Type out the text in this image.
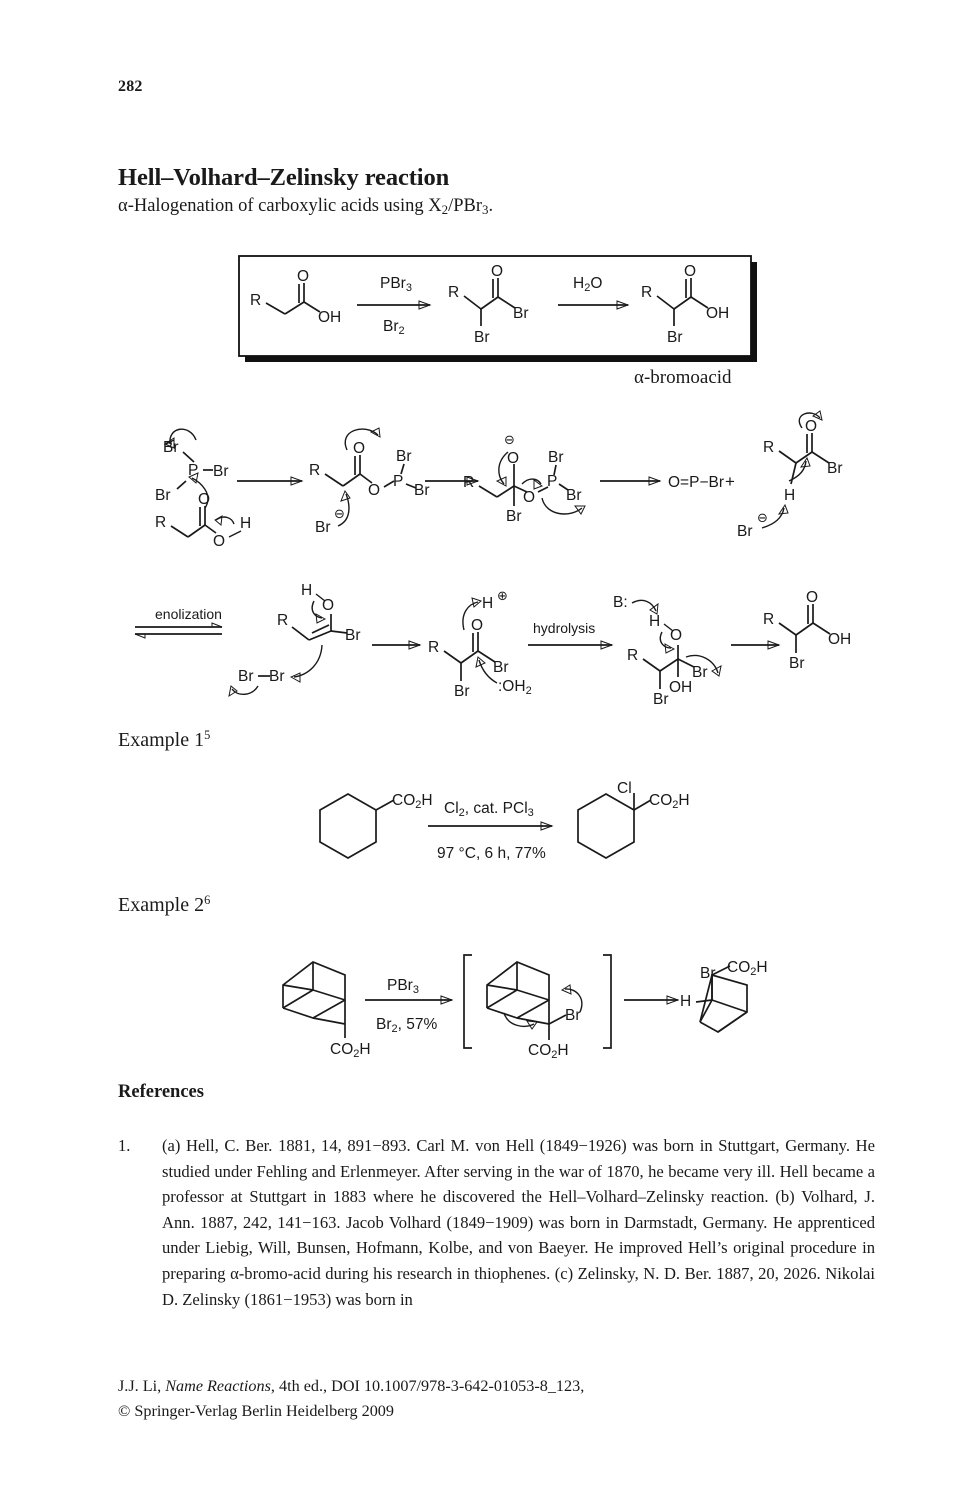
282
Hell–Volhard–Zelinsky reaction
α-Halogenation of carboxylic acids using $X_2/PBr_3$.
R
O
OH
PBr3
Br2
R
O
Br
Br
H2O
R
O
OH
Br
Br
P Br
Br
R
O
O
H
R
O
O
P
Br
Br
Br
⊖
R
O
⊖
Br
O
P
Br
Br
O=P−Br +
R
O
Br
H
Br
⊖
enolization
H
O
R
Br
Br Br
R
O
Br
Br
H ⊕
:OH2
hydrolysis
B:
H
O
R
OH
Br
Br
R
O
OH
Br
CO2H Cl2, cat. PCl3
97 °C, 6 h, 77%
Cl
CO2H
CO2H
PBr3
Br2, 57%
CO2H
Br
H
Br CO2H
α-bromoacid
Example $1^5$
Example $2^6$
References
1.	(a) Hell, C. Ber. 1881, 14, 891−893. Carl M. von Hell (1849−1926) was born in Stuttgart, Germany. He studied under Fehling and Erlenmeyer. After serving in the war of 1870, he became very ill. Hell became a professor at Stuttgart in 1883 where he discovered the Hell–Volhard–Zelinsky reaction. (b) Volhard, J. Ann. 1887, 242, 141−163. Jacob Volhard (1849−1909) was born in Darmstadt, Germany. He apprenticed under Liebig, Will, Bunsen, Hofmann, Kolbe, and von Baeyer. He improved Hell’s original procedure in preparing α-bromo-acid during his research in thiophenes. (c) Zelinsky, N. D. Ber. 1887, 20, 2026. Nikolai D. Zelinsky (1861−1953) was born in
J.J. Li, Name Reactions, 4th ed., DOI 10.1007/978-3-642-01053-8_123,
© Springer-Verlag Berlin Heidelberg 2009
